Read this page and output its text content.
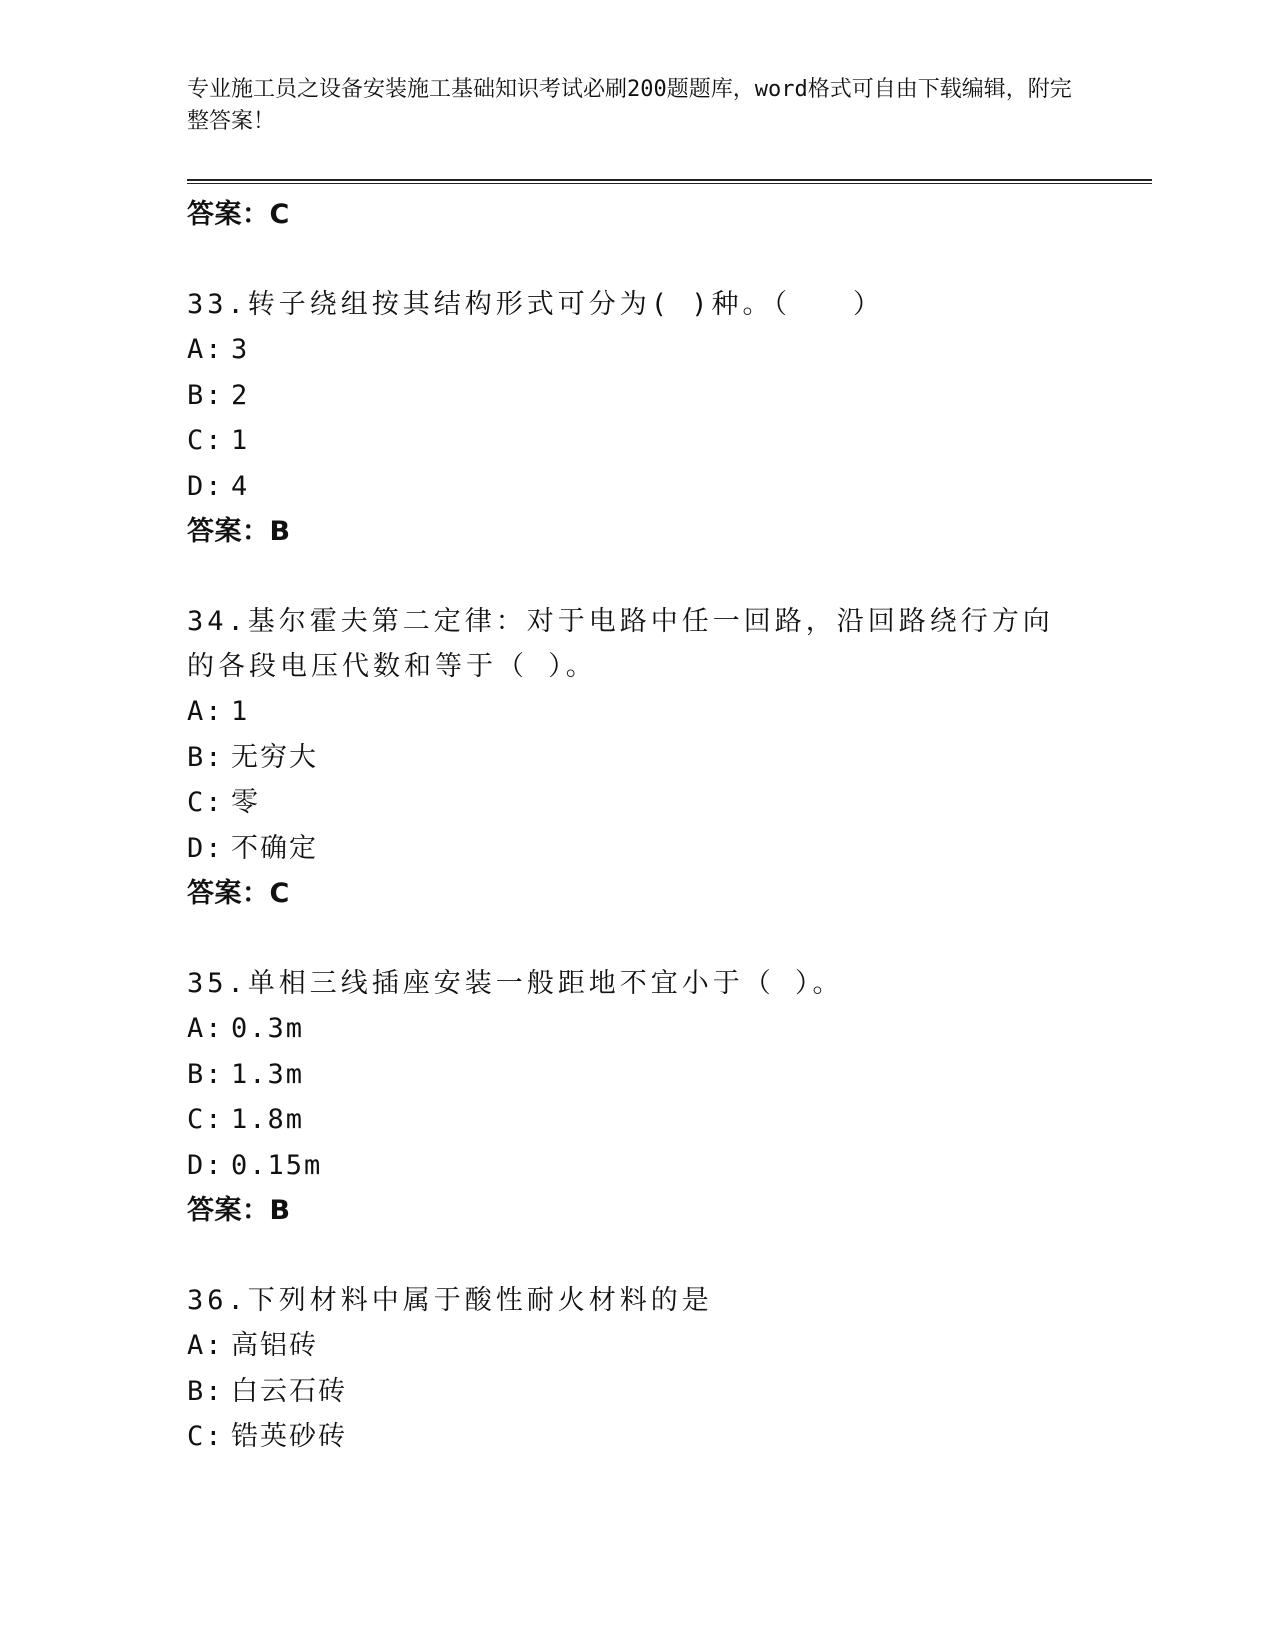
专业施工员之设备安装施工基础知识考试必刷200题题库，word格式可自由下载编辑，附完整答案！
答案：C
33.转子绕组按其结构形式可分为( )种。（　　）
A: 3
B: 2
C: 1
D: 4
答案：B
34.基尔霍夫第二定律：对于电路中任一回路，沿回路绕行方向的各段电压代数和等于（ ）。
A: 1
B: 无穷大
C: 零
D: 不确定
答案：C
35.单相三线插座安装一般距地不宜小于（ ）。
A: 0.3m
B: 1.3m
C: 1.8m
D: 0.15m
答案：B
36.下列材料中属于酸性耐火材料的是
A: 高铝砖
B: 白云石砖
C: 锆英砂砖
